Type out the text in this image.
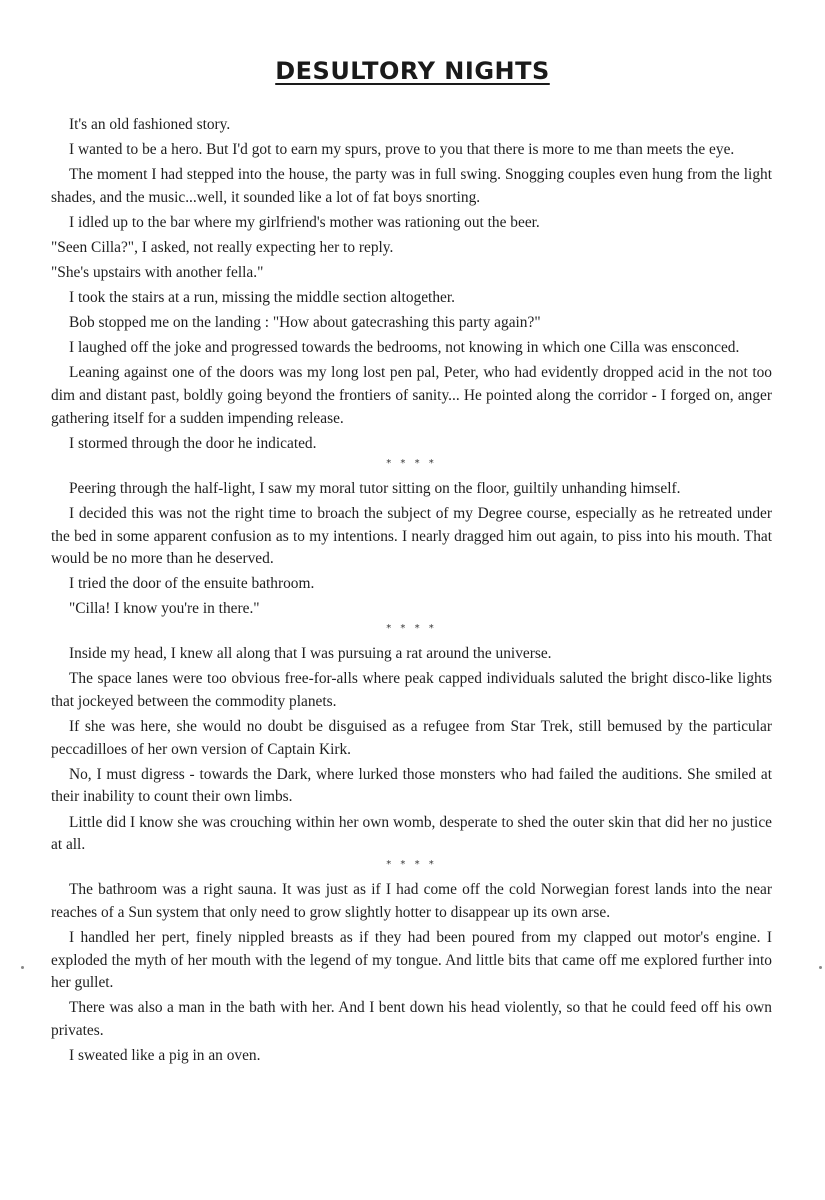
DESULTORY NIGHTS

It's an old fashioned story.

I wanted to be a hero. But I'd got to earn my spurs, prove to you that there is more to me than meets the eye.

The moment I had stepped into the house, the party was in full swing. Snogging couples even hung from the light shades, and the music...well, it sounded like a lot of fat boys snorting.

I idled up to the bar where my girlfriend's mother was rationing out the beer.

"Seen Cilla?", I asked, not really expecting her to reply.

"She's upstairs with another fella."

I took the stairs at a run, missing the middle section altogether.

Bob stopped me on the landing : "How about gatecrashing this party again?"

I laughed off the joke and progressed towards the bedrooms, not knowing in which one Cilla was ensconced.

Leaning against one of the doors was my long lost pen pal, Peter, who had evidently dropped acid in the not too dim and distant past, boldly going beyond the frontiers of sanity... He pointed along the corridor - I forged on, anger gathering itself for a sudden impending release.

I stormed through the door he indicated.

* * * *

Peering through the half-light, I saw my moral tutor sitting on the floor, guiltily unhanding himself.

I decided this was not the right time to broach the subject of my Degree course, especially as he retreated under the bed in some apparent confusion as to my intentions. I nearly dragged him out again, to piss into his mouth. That would be no more than he deserved.

I tried the door of the ensuite bathroom.

"Cilla! I know you're in there."

* * * *

Inside my head, I knew all along that I was pursuing a rat around the universe.

The space lanes were too obvious free-for-alls where peak capped individuals saluted the bright disco-like lights that jockeyed between the commodity planets.

If she was here, she would no doubt be disguised as a refugee from Star Trek, still bemused by the particular peccadilloes of her own version of Captain Kirk.

No, I must digress - towards the Dark, where lurked those monsters who had failed the auditions. She smiled at their inability to count their own limbs.

Little did I know she was crouching within her own womb, desperate to shed the outer skin that did her no justice at all.

* * * *

The bathroom was a right sauna. It was just as if I had come off the cold Norwegian forest lands into the near reaches of a Sun system that only need to grow slightly hotter to disappear up its own arse.

I handled her pert, finely nippled breasts as if they had been poured from my clapped out motor's engine. I exploded the myth of her mouth with the legend of my tongue. And little bits that came off me explored further into her gullet.

There was also a man in the bath with her. And I bent down his head violently, so that he could feed off his own privates.

I sweated like a pig in an oven.
